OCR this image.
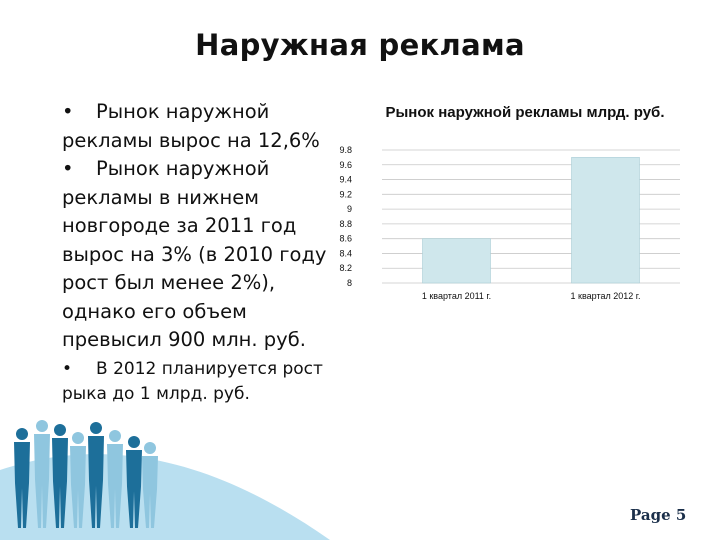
Наружная реклама

• Рынок наружной рекламы вырос на 12,6%

• Рынок наружной рекламы в нижнем новгороде за 2011 год вырос на 3% (в 2010 году рост был менее 2%), однако его объем превысил 900 млн. руб.

• В 2012 планируется рост рыка до 1 млрд. руб.

Рынок наружной рекламы млрд. руб.
9.8
9.6
9.4
9.2
9
8.8
8.6
8.4
8.2
8
1 квартал 2011 г.	1 квартал 2012 г.
Page 5
